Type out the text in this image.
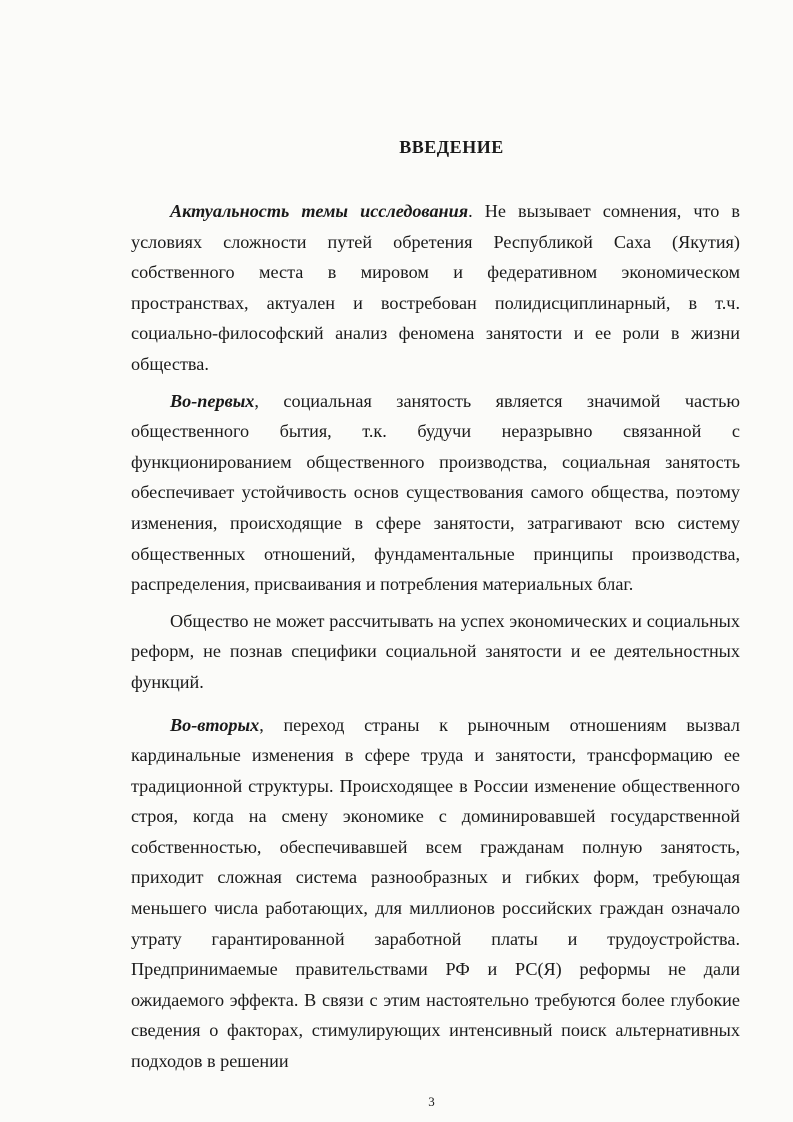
ВВЕДЕНИЕ

Актуальность темы исследования. Не вызывает сомнения, что в условиях сложности путей обретения Республикой Саха (Якутия) собственного места в мировом и федеративном экономическом пространствах, актуален и востребован полидисциплинарный, в т.ч. социально-философский анализ феномена занятости и ее роли в жизни общества.

Во-первых, социальная занятость является значимой частью общественного бытия, т.к. будучи неразрывно связанной с функционированием общественного производства, социальная занятость обеспечивает устойчивость основ существования самого общества, поэтому изменения, происходящие в сфере занятости, затрагивают всю систему общественных отношений, фундаментальные принципы производства, распределения, присваивания и потребления материальных благ.

Общество не может рассчитывать на успех экономических и социальных реформ, не познав специфики социальной занятости и ее деятельностных функций.

Во-вторых, переход страны к рыночным отношениям вызвал кардинальные изменения в сфере труда и занятости, трансформацию ее традиционной структуры. Происходящее в России изменение общественного строя, когда на смену экономике с доминировавшей государственной собственностью, обеспечивавшей всем гражданам полную занятость, приходит сложная система разнообразных и гибких форм, требующая меньшего числа работающих, для миллионов российских граждан означало утрату гарантированной заработной платы и трудоустройства. Предпринимаемые правительствами РФ и РС(Я) реформы не дали ожидаемого эффекта. В связи с этим настоятельно требуются более глубокие сведения о факторах, стимулирующих интенсивный поиск альтернативных подходов в решении

3
